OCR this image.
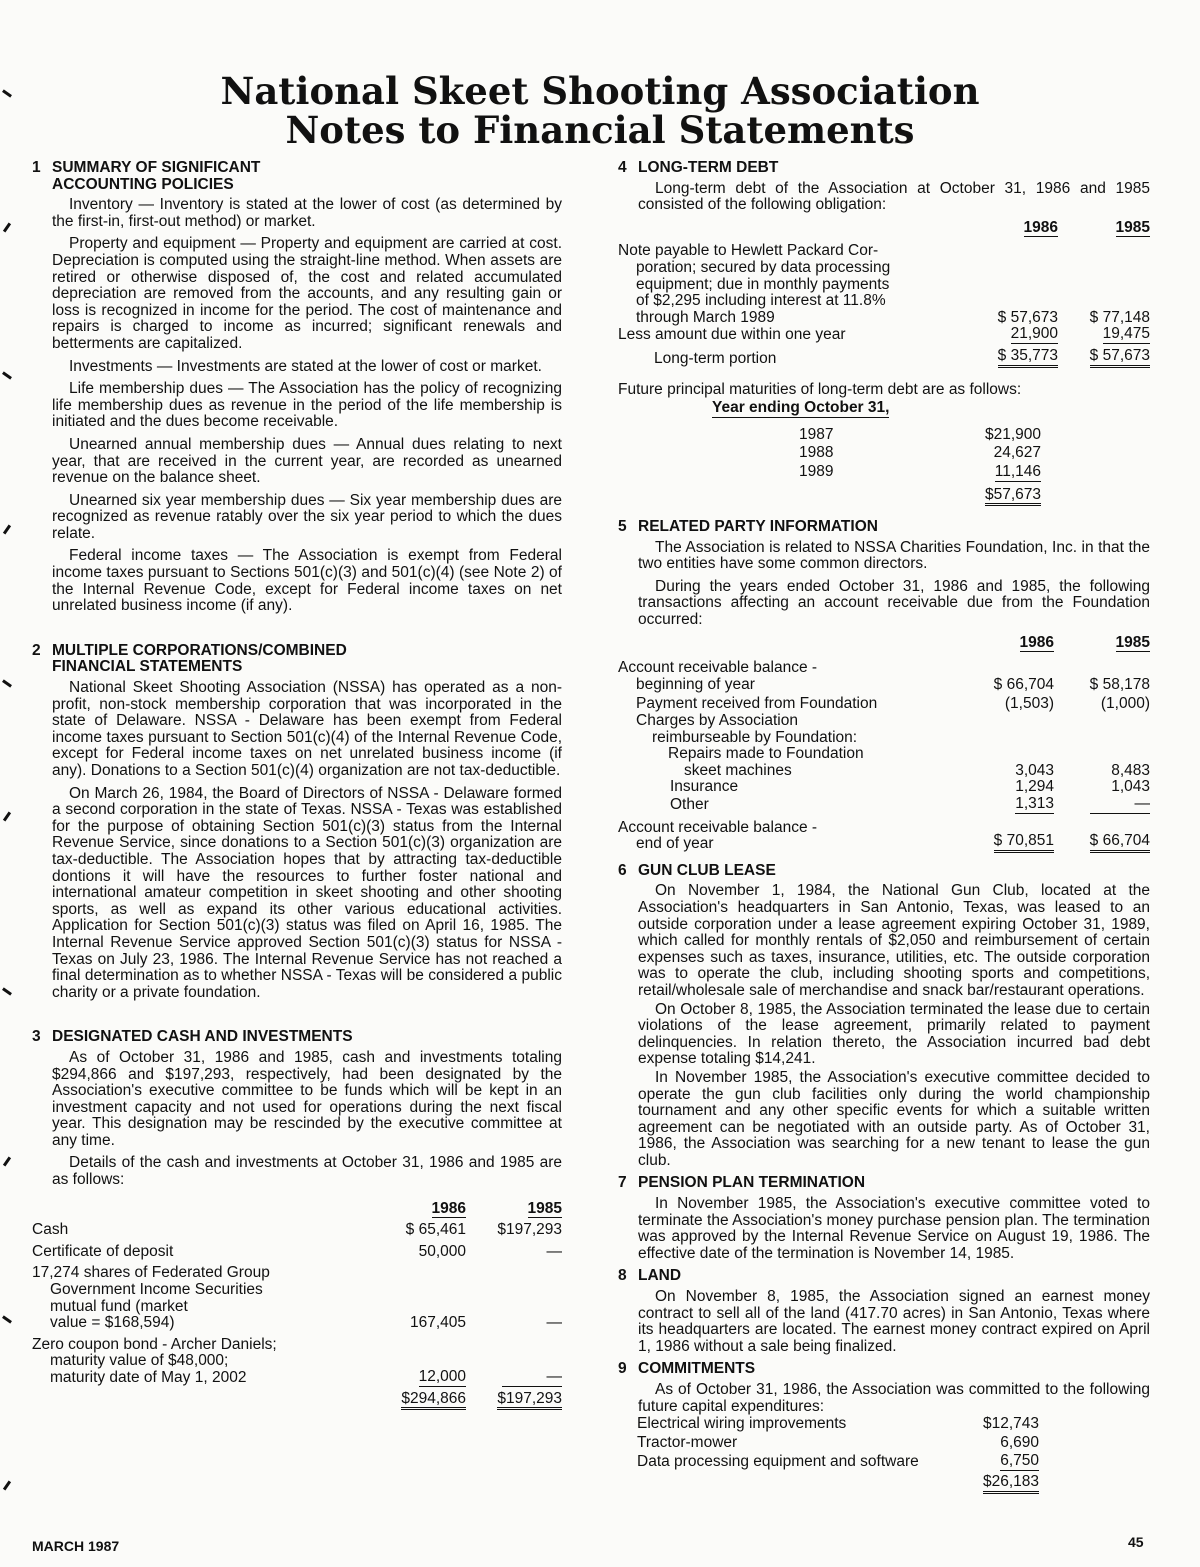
National Skeet Shooting Association
Notes to Financial Statements
1 SUMMARY OF SIGNIFICANT
ACCOUNTING POLICIES

Inventory — Inventory is stated at the lower of cost (as determined by the first-in, first-out method) or market.

Property and equipment — Property and equipment are carried at cost. Depreciation is computed using the straight-line method. When assets are retired or otherwise disposed of, the cost and related accumulated depreciation are removed from the accounts, and any resulting gain or loss is recognized in income for the period. The cost of maintenance and repairs is charged to income as incurred; significant renewals and betterments are capitalized.

Investments — Investments are stated at the lower of cost or market.

Life membership dues — The Association has the policy of recognizing life membership dues as revenue in the period of the life membership is initiated and the dues become receivable.

Unearned annual membership dues — Annual dues relating to next year, that are received in the current year, are recorded as unearned revenue on the balance sheet.

Unearned six year membership dues — Six year membership dues are recognized as revenue ratably over the six year period to which the dues relate.

Federal income taxes — The Association is exempt from Federal income taxes pursuant to Sections 501(c)(3) and 501(c)(4) (see Note 2) of the Internal Revenue Code, except for Federal income taxes on net unrelated business income (if any).

2 MULTIPLE CORPORATIONS/COMBINED
FINANCIAL STATEMENTS

National Skeet Shooting Association (NSSA) has operated as a non-profit, non-stock membership corporation that was incorporated in the state of Delaware. NSSA - Delaware has been exempt from Federal income taxes pursuant to Section 501(c)(4) of the Internal Revenue Code, except for Federal income taxes on net unrelated business income (if any). Donations to a Section 501(c)(4) organization are not tax-deductible.

On March 26, 1984, the Board of Directors of NSSA - Delaware formed a second corporation in the state of Texas. NSSA - Texas was established for the purpose of obtaining Section 501(c)(3) status from the Internal Revenue Service, since donations to a Section 501(c)(3) organization are tax-deductible. The Association hopes that by attracting tax-deductible dontions it will have the resources to further foster national and international amateur competition in skeet shooting and other shooting sports, as well as expand its other various educational activities. Application for Section 501(c)(3) status was filed on April 16, 1985. The Internal Revenue Service approved Section 501(c)(3) status for NSSA - Texas on July 23, 1986. The Internal Revenue Service has not reached a final determination as to whether NSSA - Texas will be considered a public charity or a private foundation.

3 DESIGNATED CASH AND INVESTMENTS

As of October 31, 1986 and 1985, cash and investments totaling $294,866 and $197,293, respectively, had been designated by the Association's executive committee to be funds which will be kept in an investment capacity and not used for operations during the next fiscal year. This designation may be rescinded by the executive committee at any time.

Details of the cash and investments at October 31, 1986 and 1985 are as follows:

	1986	1985
Cash	$ 65,461	$197,293
Certificate of deposit	50,000	—

17,274 shares of Federated Group
Government Income Securities
mutual fund (market
value = $168,594)	167,405	—

Zero coupon bond - Archer Daniels;
maturity value of $48,000;
maturity date of May 1, 2002	12,000	—
	$294,866	$197,293
4 LONG-TERM DEBT

Long-term debt of the Association at October 31, 1986 and 1985 consisted of the following obligation:

	1986	1985

Note payable to Hewlett Packard Cor-
poration; secured by data processing
equipment; due in monthly payments
of $2,295 including interest at 11.8%
through March 1989	$ 57,673	$ 77,148
Less amount due within one year	21,900	19,475
Long-term portion	$ 35,773	$ 57,673

Future principal maturities of long-term debt are as follows:

Year ending October 31,
1987	$21,900
1988	24,627
1989	11,146
	$57,673
5 RELATED PARTY INFORMATION

The Association is related to NSSA Charities Foundation, Inc. in that the two entities have some common directors.

During the years ended October 31, 1986 and 1985, the following transactions affecting an account receivable due from the Foundation occurred:

	1986	1985

Account receivable balance -
beginning of year	$ 66,704	$ 58,178
Payment received from Foundation	(1,503)	(1,000)

Charges by Association
reimburseable by Foundation:
Repairs made to Foundation
skeet machines	3,043	8,483
Insurance	1,294	1,043
Other	1,313	—

Account receivable balance -
end of year	$ 70,851	$ 66,704
6 GUN CLUB LEASE

On November 1, 1984, the National Gun Club, located at the Association's headquarters in San Antonio, Texas, was leased to an outside corporation under a lease agreement expiring October 31, 1989, which called for monthly rentals of $2,050 and reimbursement of certain expenses such as taxes, insurance, utilities, etc. The outside corporation was to operate the club, including shooting sports and competitions, retail/wholesale sale of merchandise and snack bar/restaurant operations.

On October 8, 1985, the Association terminated the lease due to certain violations of the lease agreement, primarily related to payment delinquencies. In relation thereto, the Association incurred bad debt expense totaling $14,241.

In November 1985, the Association's executive committee decided to operate the gun club facilities only during the world championship tournament and any other specific events for which a suitable written agreement can be negotiated with an outside party. As of October 31, 1986, the Association was searching for a new tenant to lease the gun club.

7 PENSION PLAN TERMINATION

In November 1985, the Association's executive committee voted to terminate the Association's money purchase pension plan. The termination was approved by the Internal Revenue Service on August 19, 1986. The effective date of the termination is November 14, 1985.

8 LAND

On November 8, 1985, the Association signed an earnest money contract to sell all of the land (417.70 acres) in San Antonio, Texas where its headquarters are located. The earnest money contract expired on April 1, 1986 without a sale being finalized.

9 COMMITMENTS

As of October 31, 1986, the Association was committed to the following future capital expenditures:

Electrical wiring improvements	$12,743
Tractor-mower	6,690
Data processing equipment and software	6,750
	$26,183
MARCH 1987	45
